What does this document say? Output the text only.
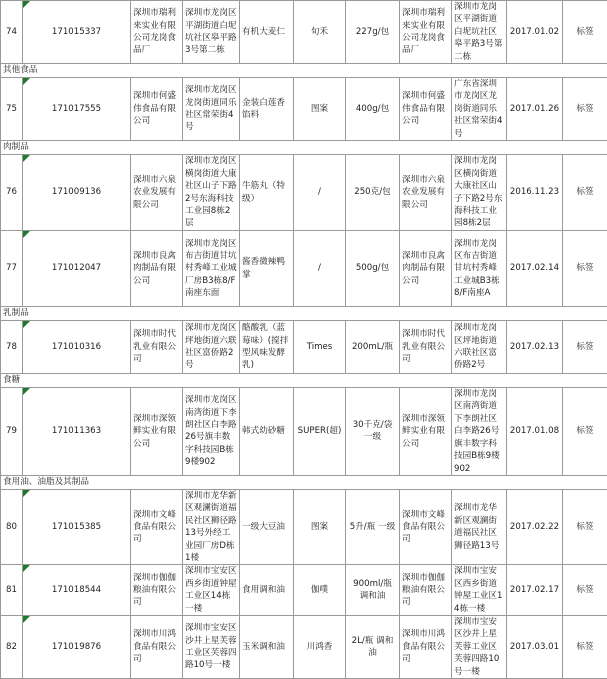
74	171015337	深圳市瑞利来实业有限公司龙岗食品厂	深圳市龙岗区平湖街道白坭坑社区皋平路3号第二栋	有机大麦仁	旬禾	227g/包	深圳市瑞利来实业有限公司龙岗食品厂	深圳市龙岗区平湖街道白坭坑社区皋平路3号第二栋	2017.01.02	标签
其他食品										
75	171017555	深圳市何盛伟食品有限公司	深圳市龙岗区龙岗街道同乐社区常荣街4号	金装白莲香馅料	图案	400g/包	深圳市何盛伟食品有限公司	广东省深圳市龙岗区龙岗街道同乐社区常荣街4号	2017.01.26	标签
肉制品										
76	171009136	深圳市六泉农业发展有限公司	深圳市龙岗区横岗街道大康社区山子下路2号东海科技工业园8栋2层	牛筋丸（特级）	/	250克/包	深圳市六泉农业发展有限公司	深圳市龙岗区横岗街道大康社区山子下路2号东海科技工业园8栋2层	2016.11.23	标签
77	171012047	深圳市良禽肉制品有限公司	深圳市龙岗区布吉街道甘坑村秀峰工业城厂房B3栋8/F南座东面	酱香微辣鸭掌	/	500g/包	深圳市良禽肉制品有限公司	深圳市龙岗区布吉街道甘坑村秀峰工业城B3栋8/F南座A	2017.02.14	标签
乳制品										
78	171010316	深圳市时代乳业有限公司	深圳市龙岗区坪地街道六联社区富侨路2号	酪酸乳（蓝莓味）(搅拌型风味发酵乳)	Times	200mL/瓶	深圳市时代乳业有限公司	深圳市龙岗区坪地街道六联社区富侨路2号	2017.02.13	标签
食糖										
79	171011363	深圳市深领鲜实业有限公司	深圳市龙岗区南湾街道下李朗社区白李路26号旗丰数字科技园B栋9楼902	韩式幼砂糖	SUPER(超)	30千克/袋 一级	深圳市深领鲜实业有限公司	深圳市龙岗区南湾街道下李朗社区白李路26号旗丰数字科技园B栋9楼902	2017.01.08	标签
食用油、油脂及其制品										
80	171015385	深圳市文峰食品有限公司	深圳市龙华新区观澜街道福民社区狮径路13号外经工业园厂房D栋1楼	一级大豆油	图案	5升/瓶 一级	深圳市文峰食品有限公司	深圳市龙华新区观澜街道福民社区狮径路13号	2017.02.22	标签
81	171018544	深圳市伽伽粮油有限公司	深圳市宝安区西乡街道钟屋工业区14栋一楼	食用调和油	伽噗	900ml/瓶 调和油	深圳市伽伽粮油有限公司	深圳市宝安区西乡街道钟屋工业区14栋一楼	2017.02.17	标签
82	171019876	深圳市川鸿食品有限公司	深圳市宝安区沙井上星芙蓉工业区芙蓉四路10号一楼	玉米调和油	川鸿香	2L/瓶 调和油	深圳市川鸿食品有限公司	深圳市宝安区沙井上星芙蓉工业区芙蓉四路10号一楼	2017.03.01	标签
